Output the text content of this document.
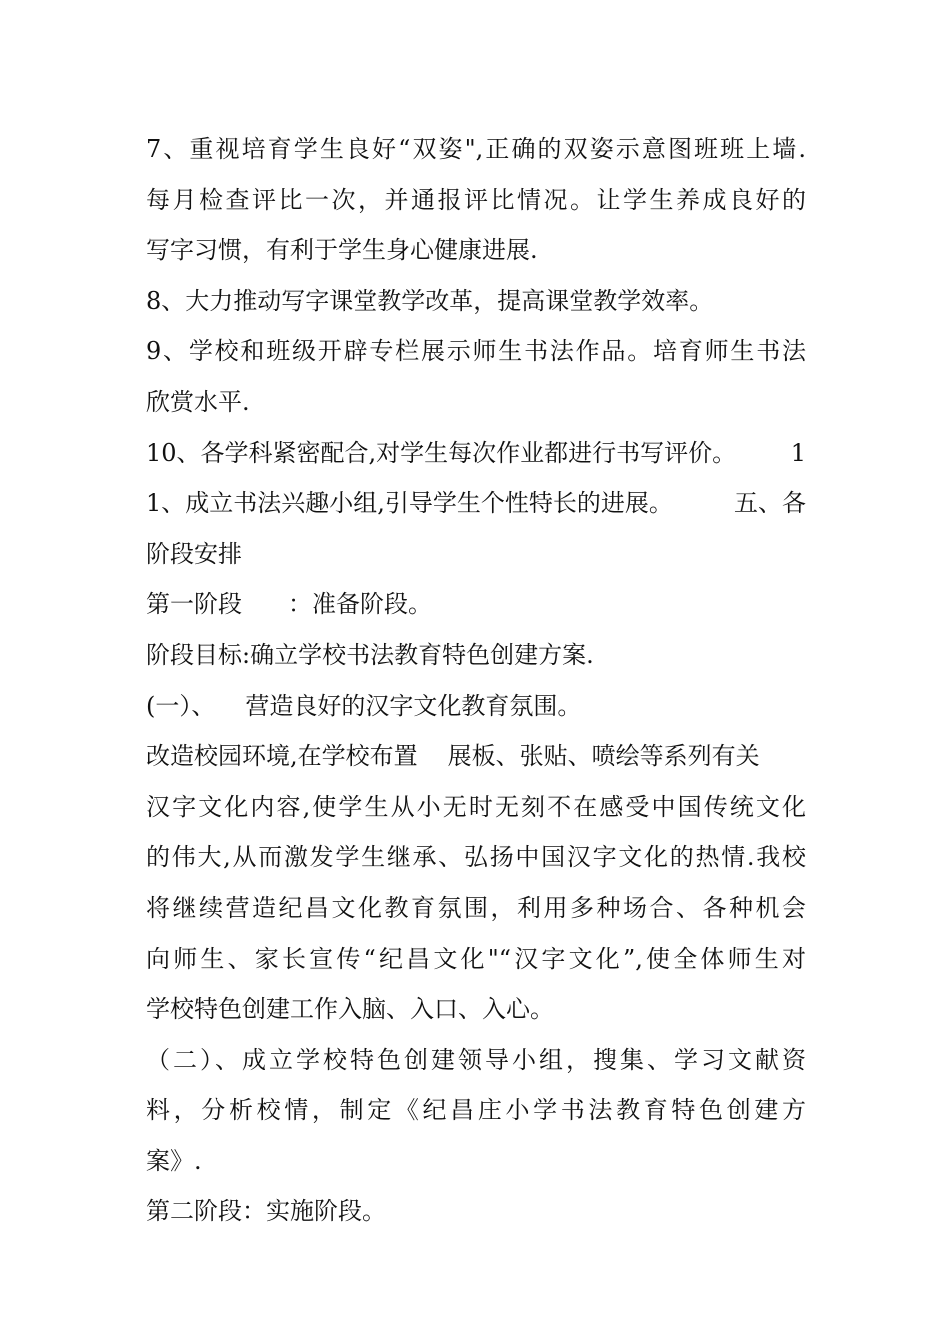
7、重视培育学生良好“双姿",正确的双姿示意图班班上墙.
每月检查评比一次，并通报评比情况。让学生养成良好的
写字习惯，有利于学生身心健康进展.
8、大力推动写字课堂教学改革，提高课堂教学效率。
9、学校和班级开辟专栏展示师生书法作品。培育师生书法
欣赏水平.
10、各学科紧密配合,对学生每次作业都进行书写评价。 1
1、成立书法兴趣小组,引导学生个性特长的进展。	五、各
阶段安排
第一阶段 ：准备阶段。
阶段目标:确立学校书法教育特色创建方案.
(一）、 营造良好的汉字文化教育氛围。
改造校园环境,在学校布置 展板、张贴、喷绘等系列有关
汉字文化内容,使学生从小无时无刻不在感受中国传统文化
的伟大,从而激发学生继承、弘扬中国汉字文化的热情.我校
将继续营造纪昌文化教育氛围，利用多种场合、各种机会
向师生、家长宣传“纪昌文化"“汉字文化”,使全体师生对
学校特色创建工作入脑、入口、入心。
（二）、成立学校特色创建领导小组，搜集、学习文献资
料，分析校情，制定《纪昌庄小学书法教育特色创建方
案》.
第二阶段：实施阶段。
